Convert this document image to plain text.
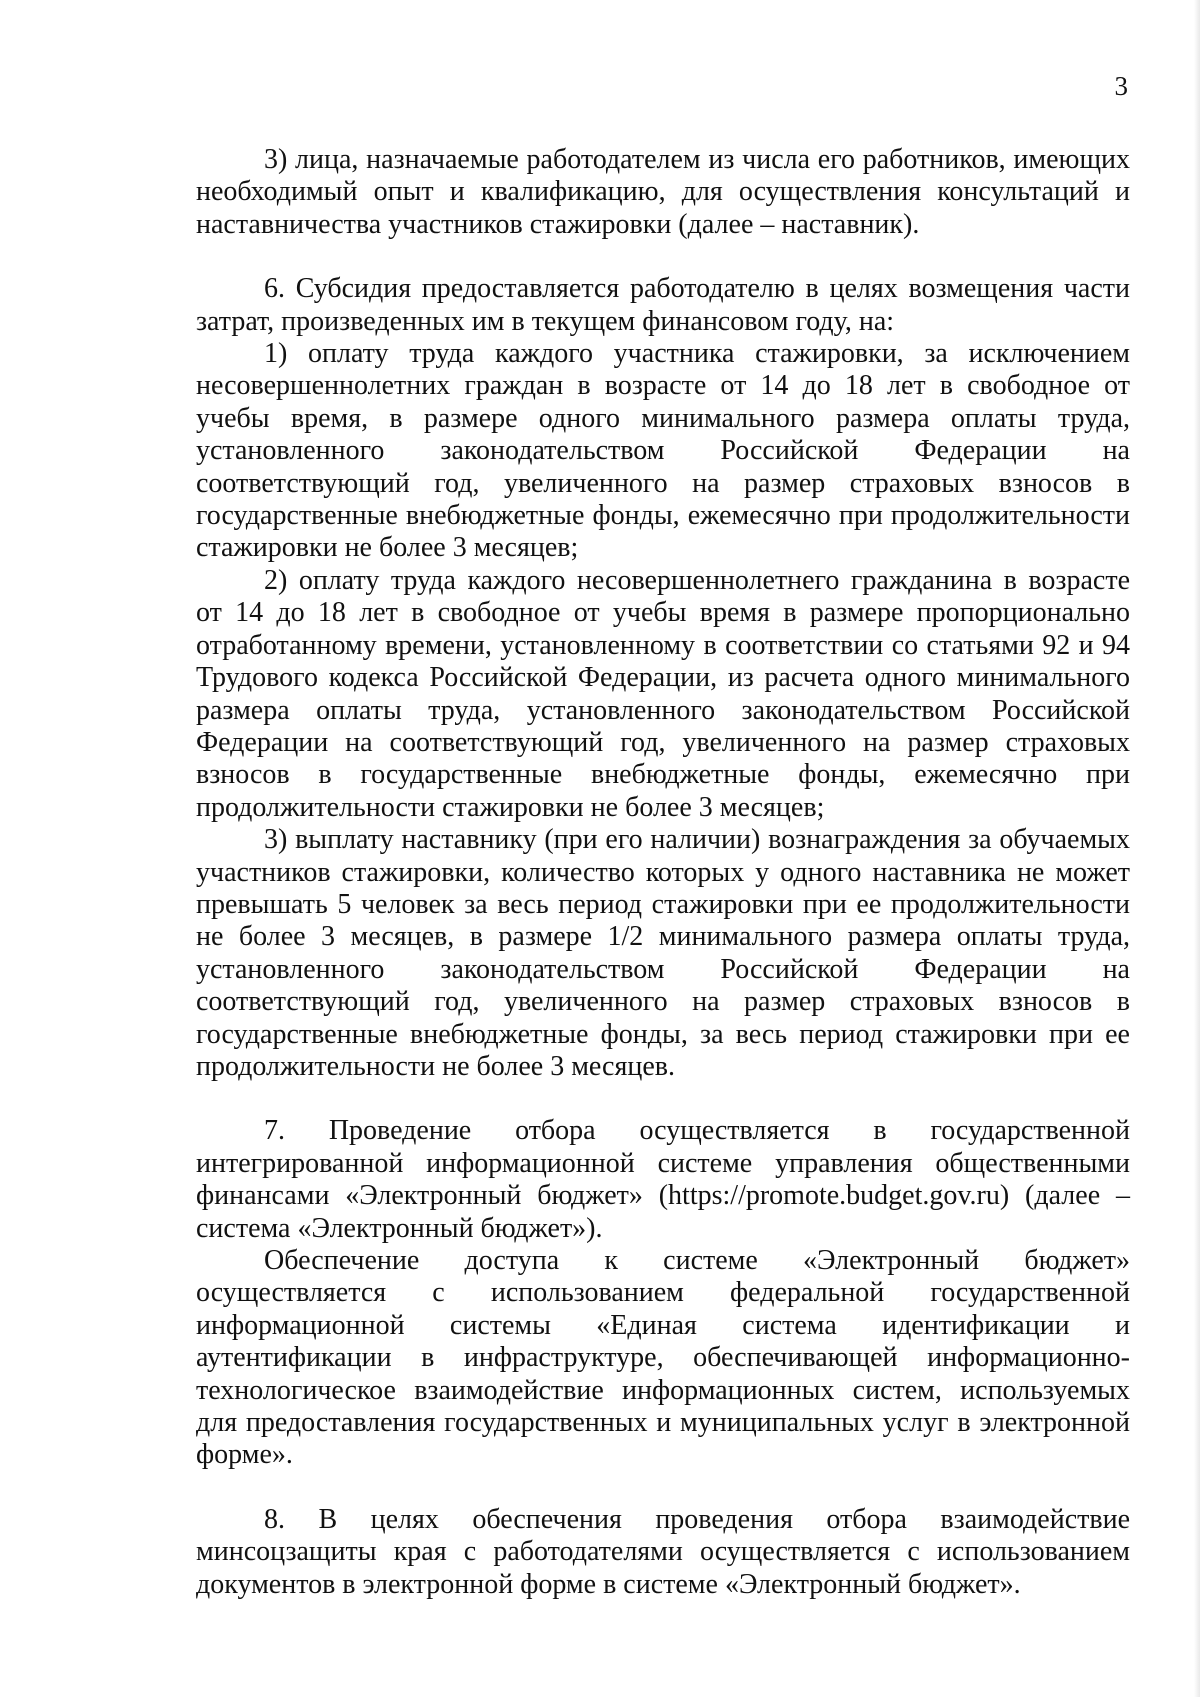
3

3) лица, назначаемые работодателем из числа его работников, имеющих необходимый опыт и квалификацию, для осуществления консультаций и наставничества участников стажировки (далее – наставник).

6. Субсидия предоставляется работодателю в целях возмещения части затрат, произведенных им в текущем финансовом году, на:

1) оплату труда каждого участника стажировки, за исключением несовершеннолетних граждан в возрасте от 14 до 18 лет в свободное от учебы время, в размере одного минимального размера оплаты труда, установленного законодательством Российской Федерации на соответствующий год, увеличенного на размер страховых взносов в государственные внебюджетные фонды, ежемесячно при продолжительности стажировки не более 3 месяцев;

2) оплату труда каждого несовершеннолетнего гражданина в возрасте от 14 до 18 лет в свободное от учебы время в размере пропорционально отработанному времени, установленному в соответствии со статьями 92 и 94 Трудового кодекса Российской Федерации, из расчета одного минимального размера оплаты труда, установленного законодательством Российской Федерации на соответствующий год, увеличенного на размер страховых взносов в государственные внебюджетные фонды, ежемесячно при продолжительности стажировки не более 3 месяцев;

3) выплату наставнику (при его наличии) вознаграждения за обучаемых участников стажировки, количество которых у одного наставника не может превышать 5 человек за весь период стажировки при ее продолжительности не более 3 месяцев, в размере 1/2 минимального размера оплаты труда, установленного законодательством Российской Федерации на соответствующий год, увеличенного на размер страховых взносов в государственные внебюджетные фонды, за весь период стажировки при ее продолжительности не более 3 месяцев.

7. Проведение отбора осуществляется в государственной интегрированной информационной системе управления общественными финансами «Электронный бюджет» (https://promote.budget.gov.ru) (далее – система «Электронный бюджет»).

Обеспечение доступа к системе «Электронный бюджет» осуществляется с использованием федеральной государственной информационной системы «Единая система идентификации и аутентификации в инфраструктуре, обеспечивающей информационно-технологическое взаимодействие информационных систем, используемых для предоставления государственных и муниципальных услуг в электронной форме».

8. В целях обеспечения проведения отбора взаимодействие минсоцзащиты края с работодателями осуществляется с использованием документов в электронной форме в системе «Электронный бюджет».
